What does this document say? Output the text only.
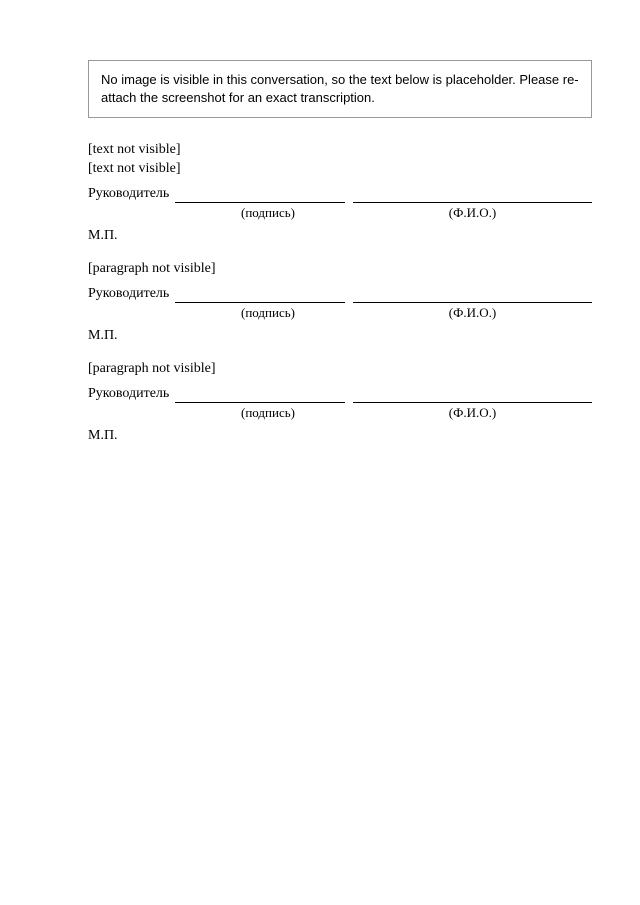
No image is visible in this conversation, so the text below is placeholder. Please re-attach the screenshot for an exact transcription.
[text not visible]
[text not visible]
Руководитель
(подпись)	(Ф.И.О.)
М.П.
[paragraph not visible]
Руководитель
(подпись)	(Ф.И.О.)
М.П.
[paragraph not visible]
Руководитель
(подпись)	(Ф.И.О.)
М.П.
